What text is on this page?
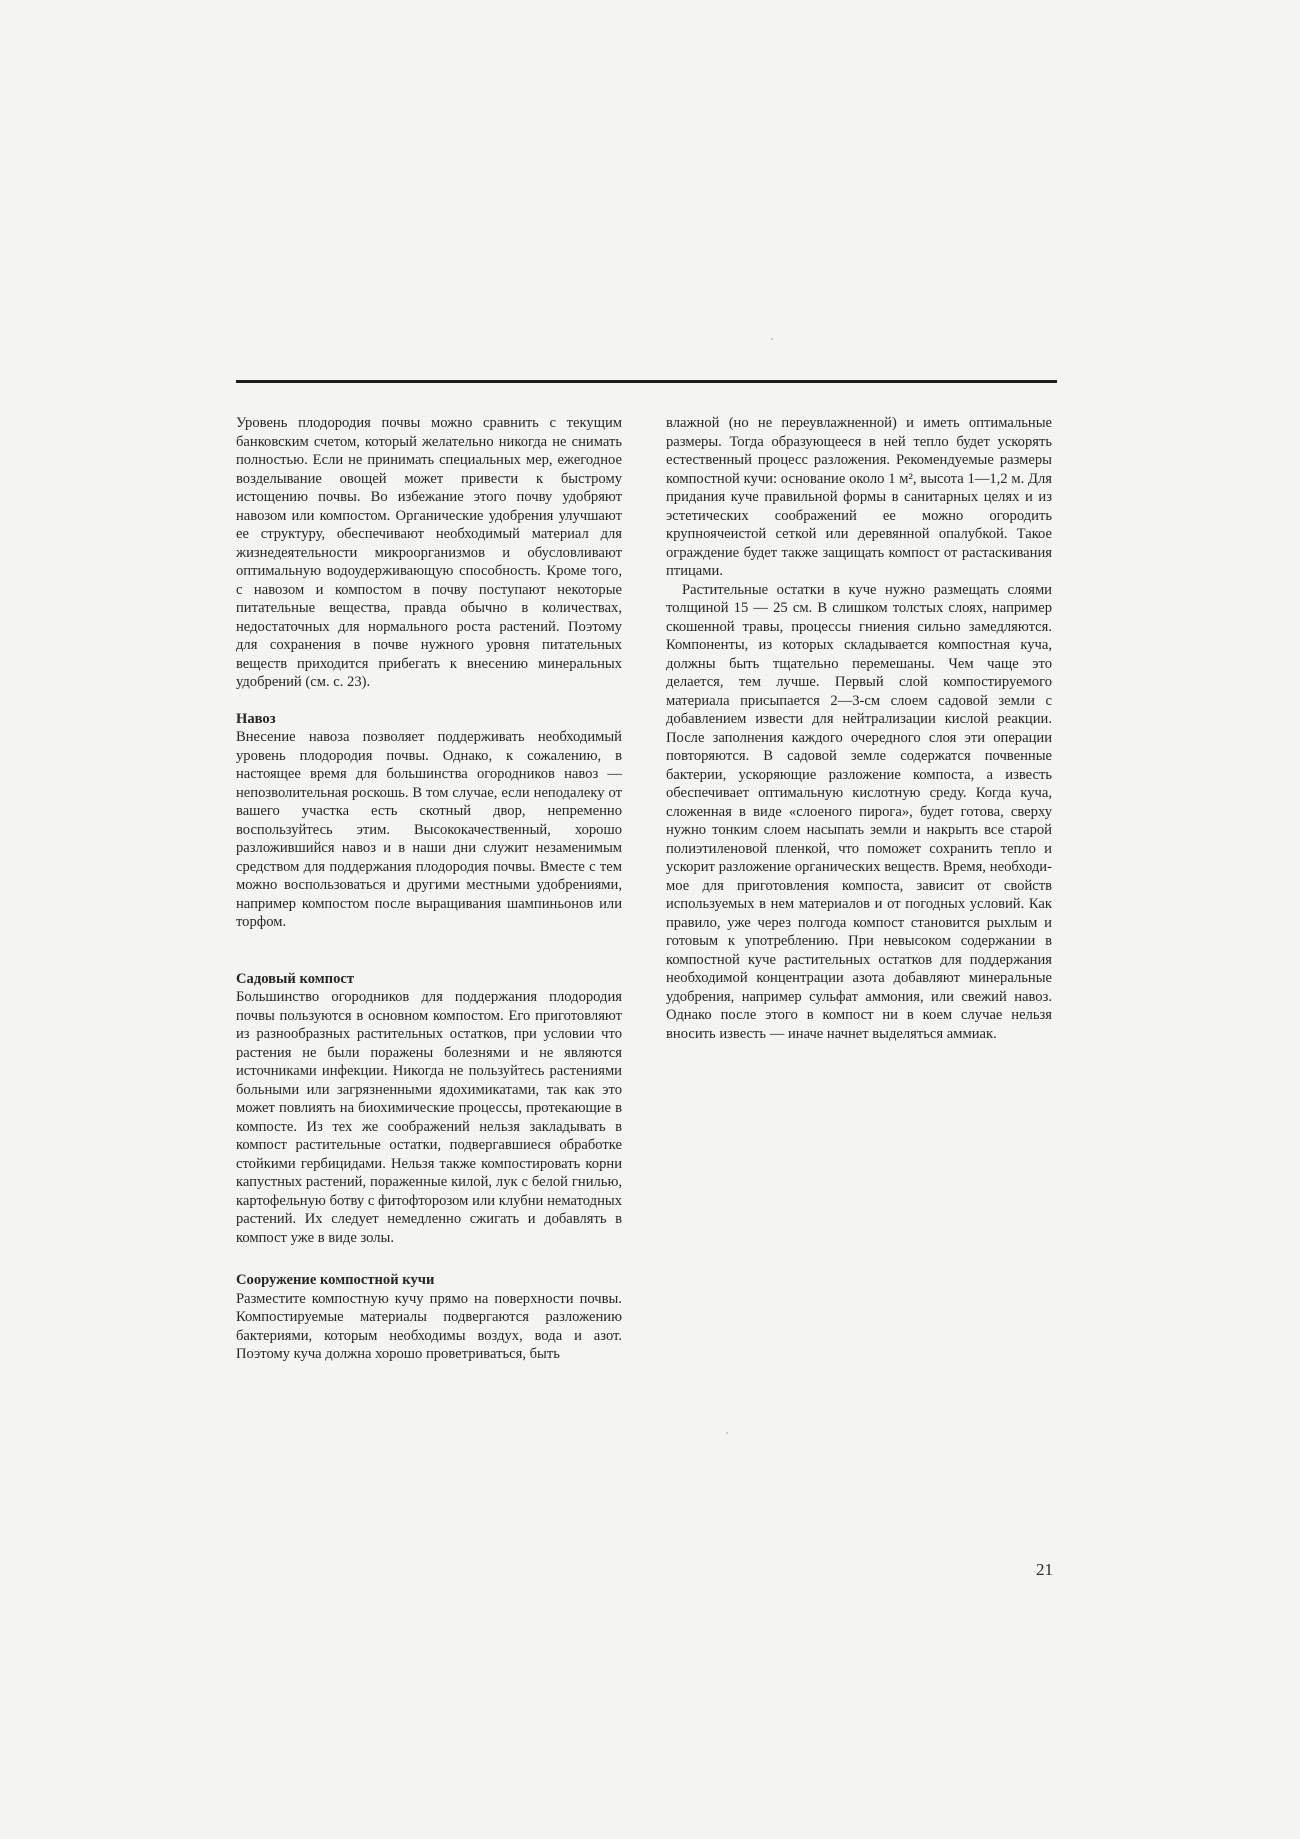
Уровень плодородия почвы можно сравнить с текущим банковским счетом, который желательно никогда не снимать полностью. Если не принимать специальных мер, ежегодное возделывание овощей может привести к быстрому истощению почвы. Во избежание этого почву удобряют навозом или компостом. Органические удобрения улучшают ее структуру, обеспечивают необходимый материал для жизнедеятельности микроорганизмов и обусловливают оптимальную водоудерживающую способность. Кроме того, с навозом и компостом в почву поступают некоторые питательные вещества, правда обычно в количествах, недостаточных для нормального роста растений. Поэтому для сохранения в почве нужного уровня питательных веществ приходится прибегать к внесению минеральных удобрений (см. с. 23).

Навоз

Внесение навоза позволяет поддерживать необходимый уровень плодородия почвы. Однако, к сожалению, в настоящее время для большинства огородников навоз — непозволительная роскошь. В том случае, если неподалеку от вашего участка есть скотный двор, непременно воспользуйтесь этим. Высококачественный, хорошо разложившийся навоз и в наши дни служит незаменимым средством для поддержания плодородия почвы. Вместе с тем можно воспользоваться и другими местными удобрениями, например компостом после выращивания шампиньонов или торфом.

Садовый компост

Большинство огородников для поддержания плодородия почвы пользуются в основном компостом. Его приготовляют из разнообразных растительных остатков, при условии что растения не были поражены болезнями и не являются источниками инфекции. Никогда не пользуйтесь растениями больными или загрязненными ядохимикатами, так как это может повлиять на биохимические процессы, протекающие в компосте. Из тех же соображений нельзя закладывать в компост растительные остатки, подвергавшиеся обработке стойкими гербицидами. Нельзя также компостировать корни капустных растений, пораженные килой, лук с белой гнилью, картофельную ботву с фитофторозом или клубни нематодных растений. Их следует немедленно сжигать и добавлять в компост уже в виде золы.

Сооружение компостной кучи

Разместите компостную кучу прямо на поверхности почвы. Компостируемые материалы подвергаются разложению бактериями, которым необходимы воздух, вода и азот. Поэтому куча должна хорошо проветриваться, быть

влажной (но не переувлажненной) и иметь оптимальные размеры. Тогда образующееся в ней тепло будет ускорять естественный процесс разложения. Рекомендуемые размеры компостной кучи: основание около 1 м², высота 1—1,2 м. Для придания куче правильной формы в санитарных целях и из эстетических соображений ее можно огородить крупноячеистой сеткой или деревянной опалубкой. Такое ограждение будет также защищать компост от растаскивания птицами.

Растительные остатки в куче нужно размещать слоями толщиной 15 — 25 см. В слишком толстых слоях, например скошенной травы, процессы гниения сильно замедляются. Компоненты, из которых складывается компостная куча, должны быть тщательно перемешаны. Чем чаще это делается, тем лучше. Первый слой компостируемого материала присыпается 2—3-см слоем садовой земли с добавлением извести для нейтрализации кислой реакции. После заполнения каждого очередного слоя эти операции повторяются. В садовой земле содержатся почвенные бактерии, ускоряющие разложение компоста, а известь обеспечивает оптимальную кислотную среду. Когда куча, сложенная в виде «слоеного пирога», будет готова, сверху нужно тонким слоем насыпать земли и накрыть все старой полиэтиленовой пленкой, что поможет сохранить тепло и ускорит разложение органических веществ. Время, необходимое для приготовления компоста, зависит от свойств используемых в нем материалов и от погодных условий. Как правило, уже через полгода компост становится рыхлым и готовым к употреблению. При невысоком содержании в компостной куче растительных остатков для поддержания необходимой концентрации азота добавляют минеральные удобрения, например сульфат аммония, или свежий навоз. Однако после этого в компост ни в коем случае нельзя вносить известь — иначе начнет выделяться аммиак.

21
